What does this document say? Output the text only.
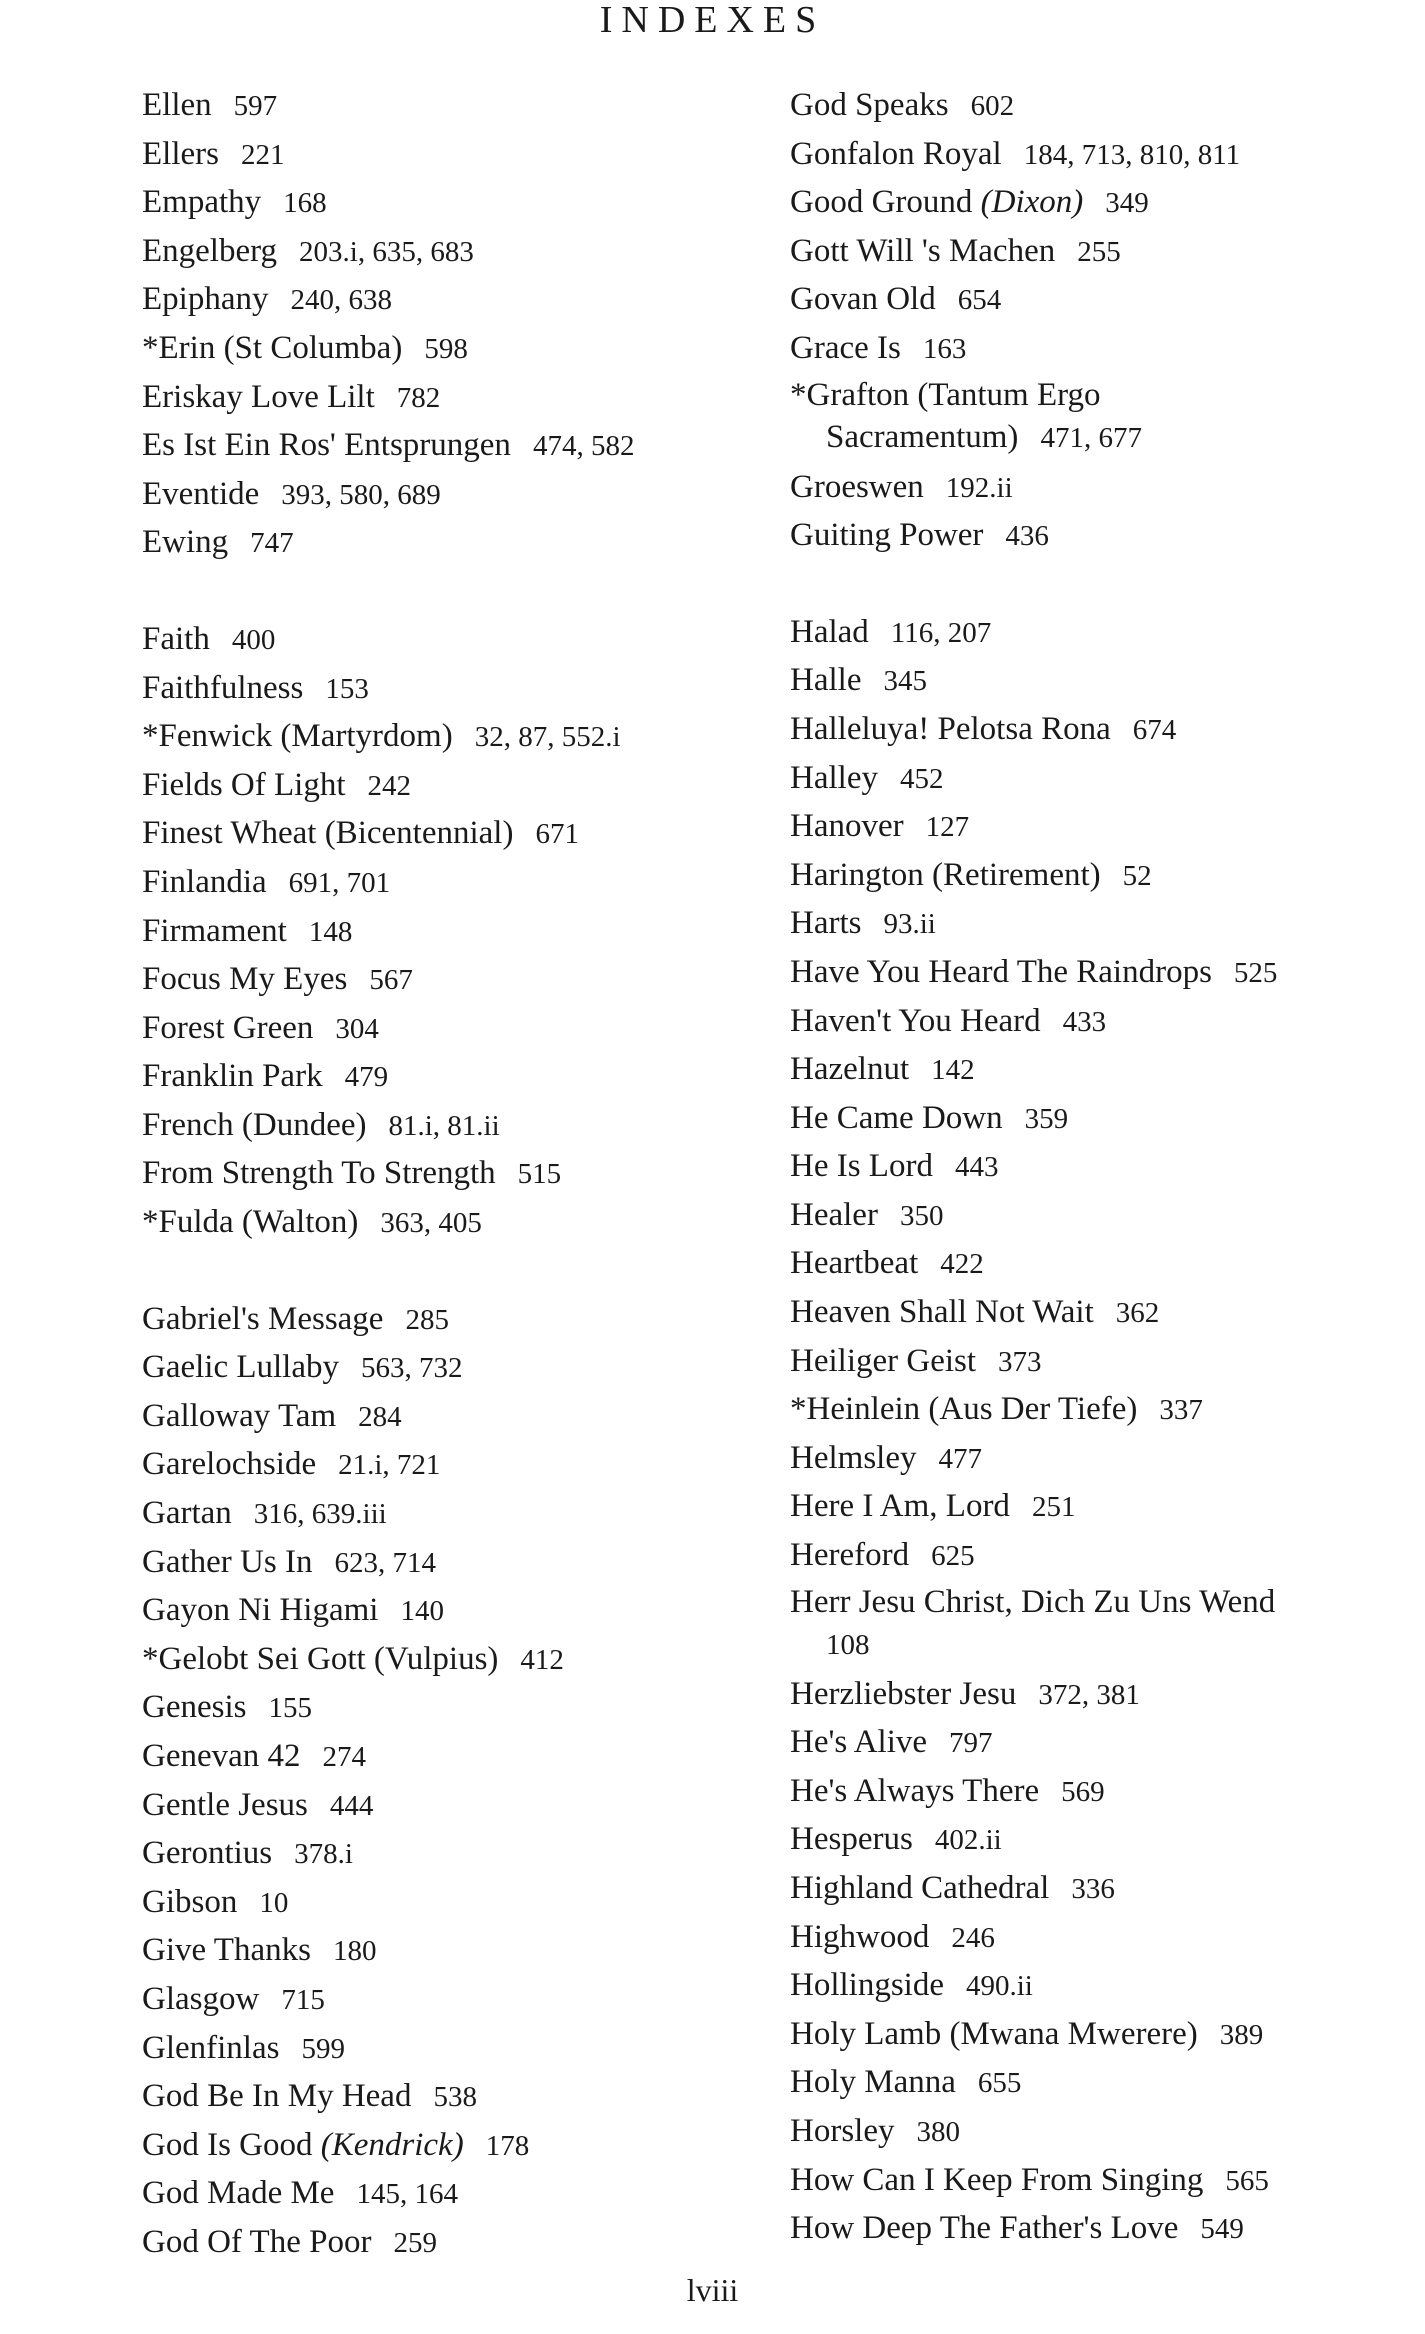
INDEXES
Ellen 597
Ellers 221
Empathy 168
Engelberg 203.i, 635, 683
Epiphany 240, 638
*Erin (St Columba) 598
Eriskay Love Lilt 782
Es Ist Ein Ros' Entsprungen 474, 582
Eventide 393, 580, 689
Ewing 747
Faith 400
Faithfulness 153
*Fenwick (Martyrdom) 32, 87, 552.i
Fields Of Light 242
Finest Wheat (Bicentennial) 671
Finlandia 691, 701
Firmament 148
Focus My Eyes 567
Forest Green 304
Franklin Park 479
French (Dundee) 81.i, 81.ii
From Strength To Strength 515
*Fulda (Walton) 363, 405
Gabriel's Message 285
Gaelic Lullaby 563, 732
Galloway Tam 284
Garelochside 21.i, 721
Gartan 316, 639.iii
Gather Us In 623, 714
Gayon Ni Higami 140
*Gelobt Sei Gott (Vulpius) 412
Genesis 155
Genevan 42 274
Gentle Jesus 444
Gerontius 378.i
Gibson 10
Give Thanks 180
Glasgow 715
Glenfinlas 599
God Be In My Head 538
God Is Good (Kendrick) 178
God Made Me 145, 164
God Of The Poor 259
God Speaks 602
Gonfalon Royal 184, 713, 810, 811
Good Ground (Dixon) 349
Gott Will 's Machen 255
Govan Old 654
Grace Is 163
*Grafton (Tantum Ergo
Sacramentum) 471, 677
Groeswen 192.ii
Guiting Power 436
Halad 116, 207
Halle 345
Halleluya! Pelotsa Rona 674
Halley 452
Hanover 127
Harington (Retirement) 52
Harts 93.ii
Have You Heard The Raindrops 525
Haven't You Heard 433
Hazelnut 142
He Came Down 359
He Is Lord 443
Healer 350
Heartbeat 422
Heaven Shall Not Wait 362
Heiliger Geist 373
*Heinlein (Aus Der Tiefe) 337
Helmsley 477
Here I Am, Lord 251
Hereford 625
Herr Jesu Christ, Dich Zu Uns Wend
108
Herzliebster Jesu 372, 381
He's Alive 797
He's Always There 569
Hesperus 402.ii
Highland Cathedral 336
Highwood 246
Hollingside 490.ii
Holy Lamb (Mwana Mwerere) 389
Holy Manna 655
Horsley 380
How Can I Keep From Singing 565
How Deep The Father's Love 549
lviii
